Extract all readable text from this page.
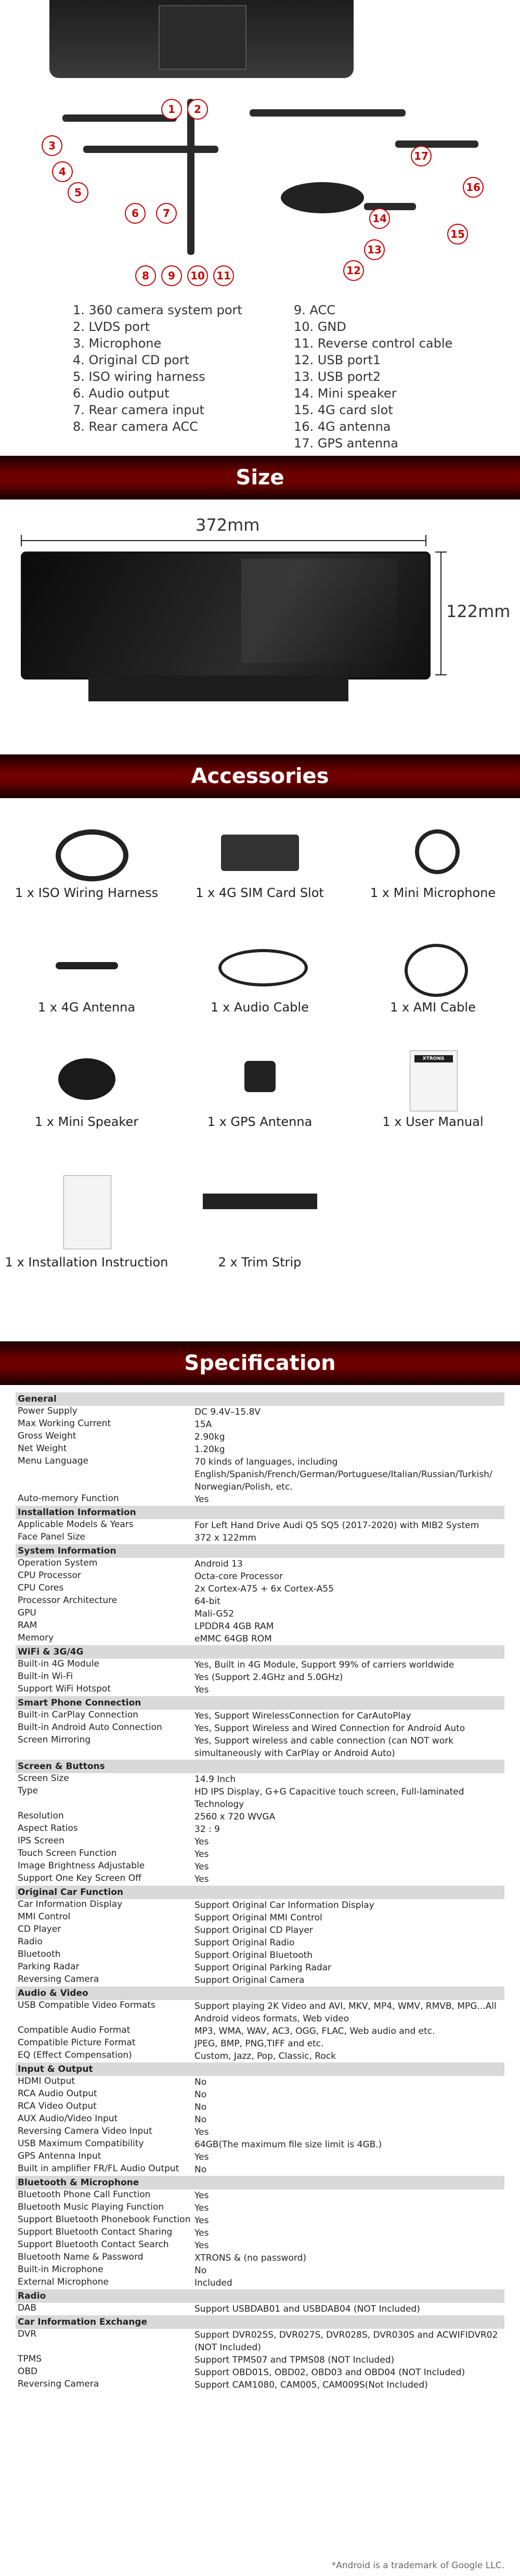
1	2
3
4
5
6	7
8	9	10	11	12
13
14
15
16
17
1. 360 camera system port
2. LVDS port
3. Microphone
4. Original CD port
5. ISO wiring harness
6. Audio output
7. Rear camera input
8. Rear camera ACC
9. ACC
10. GND
11. Reverse control cable
12. USB port1
13. USB port2
14. Mini speaker
15. 4G card slot
16. 4G antenna
17. GPS antenna
Size
372mm
122mm
Accessories
1 x ISO Wiring Harness	1 x 4G SIM Card Slot	1 x Mini Microphone
1 x 4G Antenna	1 x Audio Cable	1 x AMI Cable
1 x Mini Speaker	1 x GPS Antenna
XTRONS
1 x User Manual
1 x Installation Instruction	2 x Trim Strip
Specification
General
Power Supply	DC 9.4V–15.8V
Max Working Current	15A
Gross Weight	2.90kg
Net Weight	1.20kg
Menu Language	70 kinds of languages, including English/Spanish/French/German/Portuguese/Italian/Russian/Turkish/ Norwegian/Polish, etc.
Auto-memory Function	Yes
Installation Information
Applicable Models & Years	For Left Hand Drive Audi Q5 SQ5 (2017-2020) with MIB2 System
Face Panel Size	372 x 122mm
System Information
Operation System	Android 13
CPU Processor	Octa-core Processor
CPU Cores	2x Cortex-A75 + 6x Cortex-A55
Processor Architecture	64-bit
GPU	Mali-G52
RAM	LPDDR4 4GB RAM
Memory	eMMC 64GB ROM
WiFi & 3G/4G
Built-in 4G Module	Yes, Built in 4G Module, Support 99% of carriers worldwide
Built-in Wi-Fi	Yes (Support 2.4GHz and 5.0GHz)
Support WiFi Hotspot	Yes
Smart Phone Connection
Built-in CarPlay Connection	Yes, Support WirelessConnection for CarAutoPlay
Built-in Android Auto Connection	Yes, Support Wireless and Wired Connection for Android Auto
Screen Mirroring	Yes, Support wireless and cable connection (can NOT work simultaneously with CarPlay or Android Auto)
Screen & Buttons
Screen Size	14.9 Inch
Type	HD IPS Display, G+G Capacitive touch screen, Full-laminated Technology
Resolution	2560 x 720 WVGA
Aspect Ratios	32 : 9
IPS Screen	Yes
Touch Screen Function	Yes
Image Brightness Adjustable	Yes
Support One Key Screen Off	Yes
Original Car Function
Car Information Display	Support Original Car Information Display
MMI Control	Support Original MMI Control
CD Player	Support Original CD Player
Radio	Support Original Radio
Bluetooth	Support Original Bluetooth
Parking Radar	Support Original Parking Radar
Reversing Camera	Support Original Camera
Audio & Video
USB Compatible Video Formats	Support playing 2K Video and AVI, MKV, MP4, WMV, RMVB, MPG...All Android videos formats, Web video
Compatible Audio Format	MP3, WMA, WAV, AC3, OGG, FLAC, Web audio and etc.
Compatible Picture Format	JPEG, BMP, PNG,TIFF and etc.
EQ (Effect Compensation)	Custom, Jazz, Pop, Classic, Rock
Input & Output
HDMI Output	No
RCA Audio Output	No
RCA Video Output	No
AUX Audio/Video Input	No
Reversing Camera Video Input	Yes
USB Maximum Compatibility	64GB(The maximum file size limit is 4GB.)
GPS Antenna Input	Yes
Built in amplifier FR/FL Audio Output	No
Bluetooth & Microphone
Bluetooth Phone Call Function	Yes
Bluetooth Music Playing Function	Yes
Support Bluetooth Phonebook Function Yes
Support Bluetooth Contact Sharing	Yes
Support Bluetooth Contact Search	Yes
Bluetooth Name & Password	XTRONS & (no password)
Built-in Microphone	No
External Microphone	Included
Radio
DAB	Support USBDAB01 and USBDAB04 (NOT Included)
Car Information Exchange
DVR	Support DVR025S, DVR027S, DVR028S, DVR030S and ACWIFIDVR02 (NOT Included)
TPMS	Support TPMS07 and TPMS08 (NOT Included)
OBD	Support OBD01S, OBD02, OBD03 and OBD04 (NOT Included)
Reversing Camera	Support CAM1080, CAM005, CAM009S(Not Included)
*Android is a trademark of Google LLC.
